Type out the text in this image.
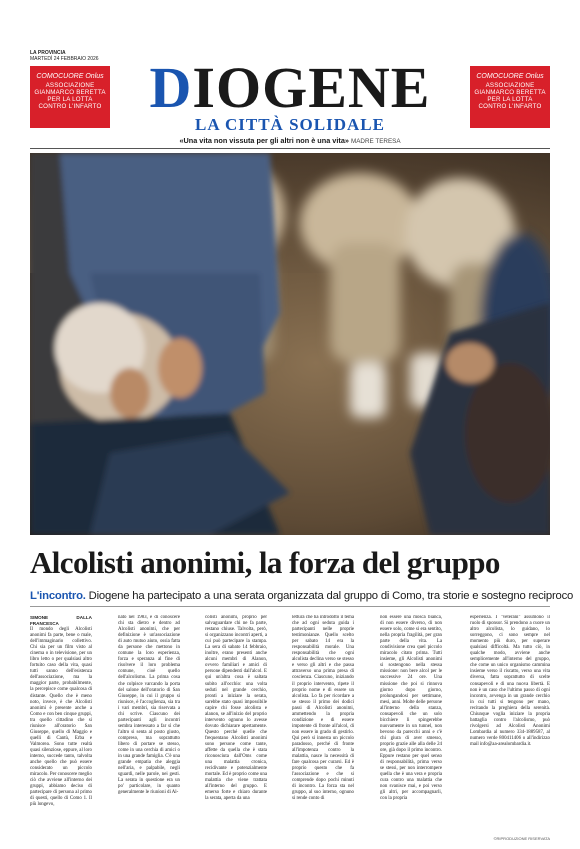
LA PROVINCIA
MARTEDÌ 24 FEBBRAIO 2026
COMOCUORE Onlus
ASSOCIAZIONE
GIANMARCO BERETTA
PER LA LOTTA
CONTRO L'INFARTO
COMOCUORE Onlus
ASSOCIAZIONE
GIANMARCO BERETTA
PER LA LOTTA
CONTRO L'INFARTO
DIOGENE
LA CITTÀ SOLIDALE
«Una vita non vissuta per gli altri non è una vita» MADRE TERESA
Alcolisti anonimi, la forza del gruppo
L'incontro. Diogene ha partecipato a una serata organizzata dal gruppo di Como, tra storie e sostegno reciproco
SIMONE DALLA FRANCESCA

Il mondo degli Alcolisti anonimi fa parte, bene o male, dell'immaginario collettivo. Chi sia per un film visto al cinema o in televisione, per un libro letto o per qualsiasi altro fortuito caso della vita, quasi tutti sanno dell'esistenza dell'associazione, ma la maggior parte, probabilmente, la percepisce come qualcosa di distante. Quello che è meno noto, invece, è che Alcolisti anonimi è presente anche a Como e con ben cinque gruppi, tra quello cittadino che si riunisce all'oratorio San Giuseppe, quello di Maggio e quelli di Cantù, Erba e Valmorea. Sono tutte realtà quasi silenziose, eppure, al loro interno, succede tanto, talvolta anche quello che può essere considerato un piccolo miracolo. Per conoscere meglio ciò che avviene all'interno dei gruppi, abbiamo deciso di partecipare di persona al primo di questi, quello di Como 1. Il più longevo,

nato nel 1983, e di conoscere chi sta dietro e dentro ad Alcolisti anonimi, che per definizione è un'associazione di auto mutuo aiuto, ossia fatta da persone che mettono in comune la loro esperienza, forza e speranza al fine di risolvere il loro problema comune, cioè quello dell'alcolismo. La prima cosa che colpisce varcando la porta del salone dell'oratorio di San Giuseppe, in cui il gruppo si riunisce, è l'accoglienza, sia tra i vari membri, sia riservata a chi scrive. Ciascuno dei partecipanti agli incontri sembra interessato a far sì che l'altro si senta al posto giusto, compreso, ma soprattutto libero di portare se stesso, come in una cerchia di amici o in una grande famiglia. C'è una grande empatia che aleggia nell'aria, e palpabile, negli sguardi, nelle parole, nei gesti. La serata in questione era un po' particolare, in quanto generalmente le riunioni di Al-

colisti anonimi, proprio per salvaguardare chi ne fa parte, restano chiuse. Talvolta, però, si organizzano incontri aperti, a cui può partecipare la stampa. La sera di sabato 14 febbraio, inoltre, erano presenti anche alcuni membri di Alanon, ovvero familiari e amici di persone dipendenti dall'alcol. E qui un'altra cosa è saltata subito all'occhio: una volta seduti nel grande cerchio, pronti a iniziare la serata, sarebbe stato quasi impossibile capire chi fosse alcolista e alanon, se all'inizio del proprio intervento ognuno lo avesse dovuto dichiarare apertamente. Questo perché quelle che frequentano Alcolisti anonimi sono persone come tante, affette da quella che è stata riconosciuta dall'Oms come una malattia cronica, recidivante e potenzialmente mortale. Ed è proprio come una malattia che viene trattata all'interno del gruppo. E emerso forte e chiaro durante la serata, aperta da una

lettura che ha introdotto il tema che ad ogni seduta guida i partecipanti nelle proprie testimonianze. Quello scelto per sabato 14 era la responsabilità morale. Una responsabilità che ogni alcolista declina verso se stesso e verso gli altri e che passa attraverso una prima presa di coscienza. Ciascuno, iniziando il proprio intervento, ripete il proprio nome e di essere un alcolista. Lo fa per ricordare a se stesso il primo dei dodici passi di Alcolisti anonimi, ammettendo la propria condizione e di essere impotente di fronte all'alcol, di non essere in grado di gestirlo. Qui però si innesta un piccolo paradosso, perché di fronte all'impotenza contro la malattia, nasce la necessità di fare qualcosa per curarsi. Ed è proprio questo che fa l'associazione e che si comprende dopo pochi minuti di incontro. La forza sta nel gruppo, al suo interno, ognuno si rende conto di

non essere una mosca bianca, di non essere diverso, di non essere solo, come si era sentito, nella propria fragilità, per gran parte della vita. La condivisione crea quel piccolo miracolo citato prima. Tutti insieme, gli Alcolisti anonimi si sostengono nella stessa missione: non bere alcol per le successive 24 ore. Una missione che poi si rinnova giorno dopo giorno, prolungandosi per settimane, mesi, anni. Molte delle persone all'interno della stanza, consapevoli che un solo bicchiere li spingerebbe nuovamente in un tunnel, non bevono da parecchi anni e c'è chi giura di aver smesso, proprio grazie alle alla delle 24 ore, già dopo il primo incontro. Eppure restano per quel senso di responsabilità, prima verso se stessi, per non interrompere quella che è una vera e propria cura contro una malattia che non svanisce mai, e poi verso gli altri, per accompagnarli, con la propria

esperienza. I "veterani" assumono il ruolo di sponsor. Si prendono a cuore un altro alcolista, lo guidano, lo sorreggono, ci sono sempre nel momento più duro, per superare qualsiasi difficoltà. Ma tutto ciò, in qualche modo, avviene anche semplicemente all'interno del gruppo, che come un unico organismo cammina insieme verso il riscatto, verso una vita diversa, fatta soprattutto di scelte consapevoli e di una nuova libertà. E non è un caso che l'ultimo passo di ogni incontro, avvenga in un grande cerchio in cui tutti si tengono per mano, recitando la preghiera della serenità. Chiunque voglia iniziare la propria battaglia contro l'alcolismo, può rivolgersi ad Alcolisti Anonimi Lombardia al numero 334-1889587, al numero verde 800411406 o all'indirizzo mail info@aa-arealombardia.it.

©RIPRODUZIONE RISERVATA
